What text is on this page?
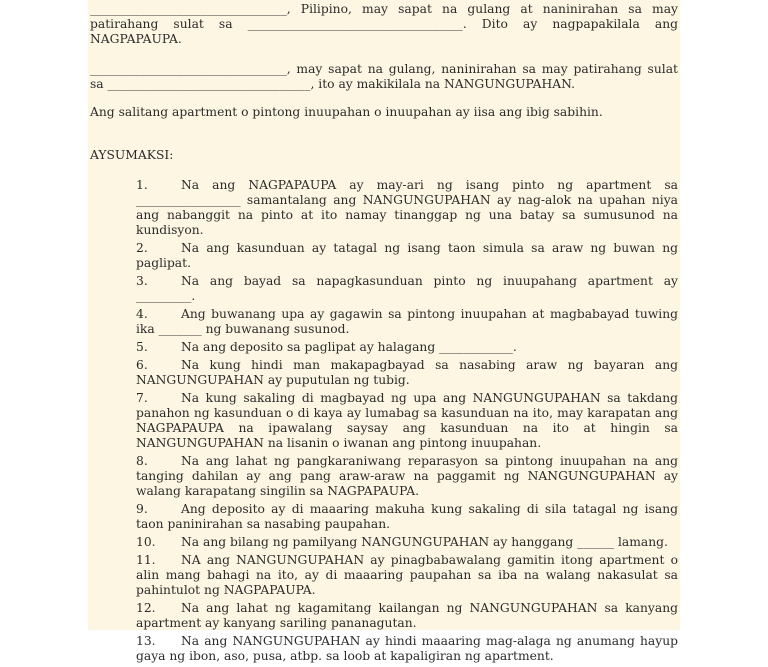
________________________________, Pilipino, may sapat na gulang at naninirahan sa may patirahang sulat sa ___________________________________. Dito ay nagpapakilala ang NAGPAPAUPA.

________________________________, may sapat na gulang, naninirahan sa may patirahang sulat sa _________________________________, ito ay makikilala na NANGUNGUPAHAN.

Ang salitang apartment o pintong inuupahan o inuupahan ay iisa ang ibig sabihin.

AYSUMAKSI:

1.	Na ang NAGPAPAUPA ay may-ari ng isang pinto ng apartment sa _________________ samantalang ang NANGUNGUPAHAN ay nag-alok na upahan niya ang nabanggit na pinto at ito namay tinanggap ng una batay sa sumusunod na kundisyon.

2.	Na ang kasunduan ay tatagal ng isang taon simula sa araw ng buwan ng paglipat.

3.	Na ang bayad sa napagkasunduan pinto ng inuupahang apartment ay _________.

4.	Ang buwanang upa ay gagawin sa pintong inuupahan at magbabayad tuwing ika _______ ng buwanang susunod.

5.	Na ang deposito sa paglipat ay halagang ____________.

6.	Na kung hindi man makapagbayad sa nasabing araw ng bayaran ang NANGUNGUPAHAN ay puputulan ng tubig.

7.	Na kung sakaling di magbayad ng upa ang NANGUNGUPAHAN sa takdang panahon ng kasunduan o di kaya ay lumabag sa kasunduan na ito, may karapatan ang NAGPAPAUPA na ipawalang saysay ang kasunduan na ito at hingin sa NANGUNGUPAHAN na lisanin o iwanan ang pintong inuupahan.

8.	Na ang lahat ng pangkaraniwang reparasyon sa pintong inuupahan na ang tanging dahilan ay ang pang araw-araw na paggamit ng NANGUNGUPAHAN ay walang karapatang singilin sa NAGPAPAUPA.

9.	Ang deposito ay di maaaring makuha kung sakaling di sila tatagal ng isang taon paninirahan sa nasabing paupahan.

10. Na ang bilang ng pamilyang NANGUNGUPAHAN ay hanggang ______ lamang.

11. NA ang NANGUNGUPAHAN ay pinagbabawalang gamitin itong apartment o alin mang bahagi na ito, ay di maaaring paupahan sa iba na walang nakasulat sa pahintulot ng NAGPAPAUPA.

12. Na ang lahat ng kagamitang kailangan ng NANGUNGUPAHAN sa kanyang apartment ay kanyang sariling pananagutan.

13. Na ang NANGUNGUPAHAN ay hindi maaaring mag-alaga ng anumang hayup gaya ng ibon, aso, pusa, atbp. sa loob at kapaligiran ng apartment.
